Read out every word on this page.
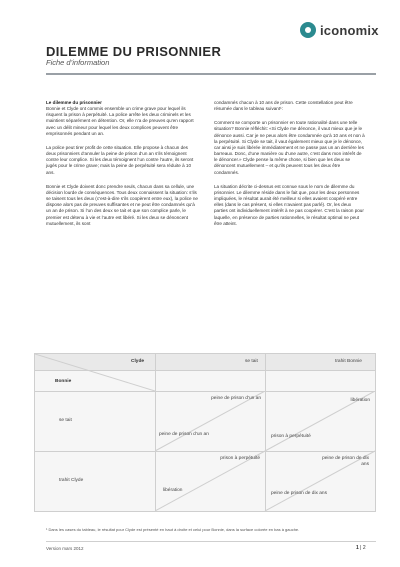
iconomix
DILEMME DU PRISONNIER
Fiche d’information
Le dilemme du prisonnier

Bonnie et Clyde ont commis ensemble un crime grave pour lequel ils risquent la prison à perpétuité. La police arrête les deux criminels et les maintient séparément en détention. Or, elle n’a de preuves qu’en rapport avec un délit mineur pour lequel les deux complices peuvent être emprisonnés pendant un an.

La police peut tirer profit de cette situation. Elle propose à chacun des deux prisonniers d’annuler la peine de prison d’un an s’ils témoignent contre leur complice. Si les deux témoignent l’un contre l’autre, ils seront jugés pour le crime grave; mais la peine de perpétuité sera réduite à 10 ans.

Bonnie et Clyde doivent donc prendre seuls, chacun dans sa cellule, une décision lourde de conséquences. Tous deux connaissent la situation: s’ils se taisent tous les deux (c’est-à-dire s’ils coopèrent entre eux), la police ne dispose alors pas de preuves suffisantes et ne peut être condamnés qu’à un an de prison. Si l’un des deux se tait et que son complice parle, le premier est détenu à vie et l’autre est libéré. Si les deux se dénoncent mutuellement, ils sont

condamnés chacun à 10 ans de prison. Cette constellation peut être résumée dans le tableau suivant¹:

Comment se comporte un prisonnier en toute rationalité dans une telle situation? Bonnie réfléchit: «Si Clyde me dénonce, il vaut mieux que je le dénonce aussi. Car je ne peux alors être condamnée qu’à 10 ans et non à la perpétuité. Si Clyde se tait, il vaut également mieux que je le dénonce, car ainsi je suis libérée immédiatement et ne passe pas un an derrière les barreaux. Donc, d’une manière ou d’une autre, c’est dans mon intérêt de le dénoncer.» Clyde pense la même chose, si bien que les deux se dénoncent mutuellement – et qu’ils peuvent tous les deux être condamnés.

La situation décrite ci-dessus est connue sous le nom de dilemme du prisonnier. Le dilemme réside dans le fait que, pour les deux personnes impliquées, le résultat aurait été meilleur si elles avaient coopéré entre elles (dans le cas présent, si elles n’avaient pas parlé). Or, les deux parties ont individuellement intérêt à ne pas coopérer. C’est la raison pour laquelle, en présence de parties rationnelles, le résultat optimal ne peut être atteint.

Clyde
Bonnie
se tait	trahit Bonnie
se tait
trahit Clyde
peine de prison d’un an
peine de prison d’un an
libération
prison à perpétuité
prison à perpétuité
libération
peine de prison de dix ans
peine de prison de dix ans
¹ Dans les cases du tableau, le résultat pour Clyde est présenté en haut à droite et celui pour Bonnie, dans la surface colorée en bas à gauche.
Version mars 2012	1 | 2
